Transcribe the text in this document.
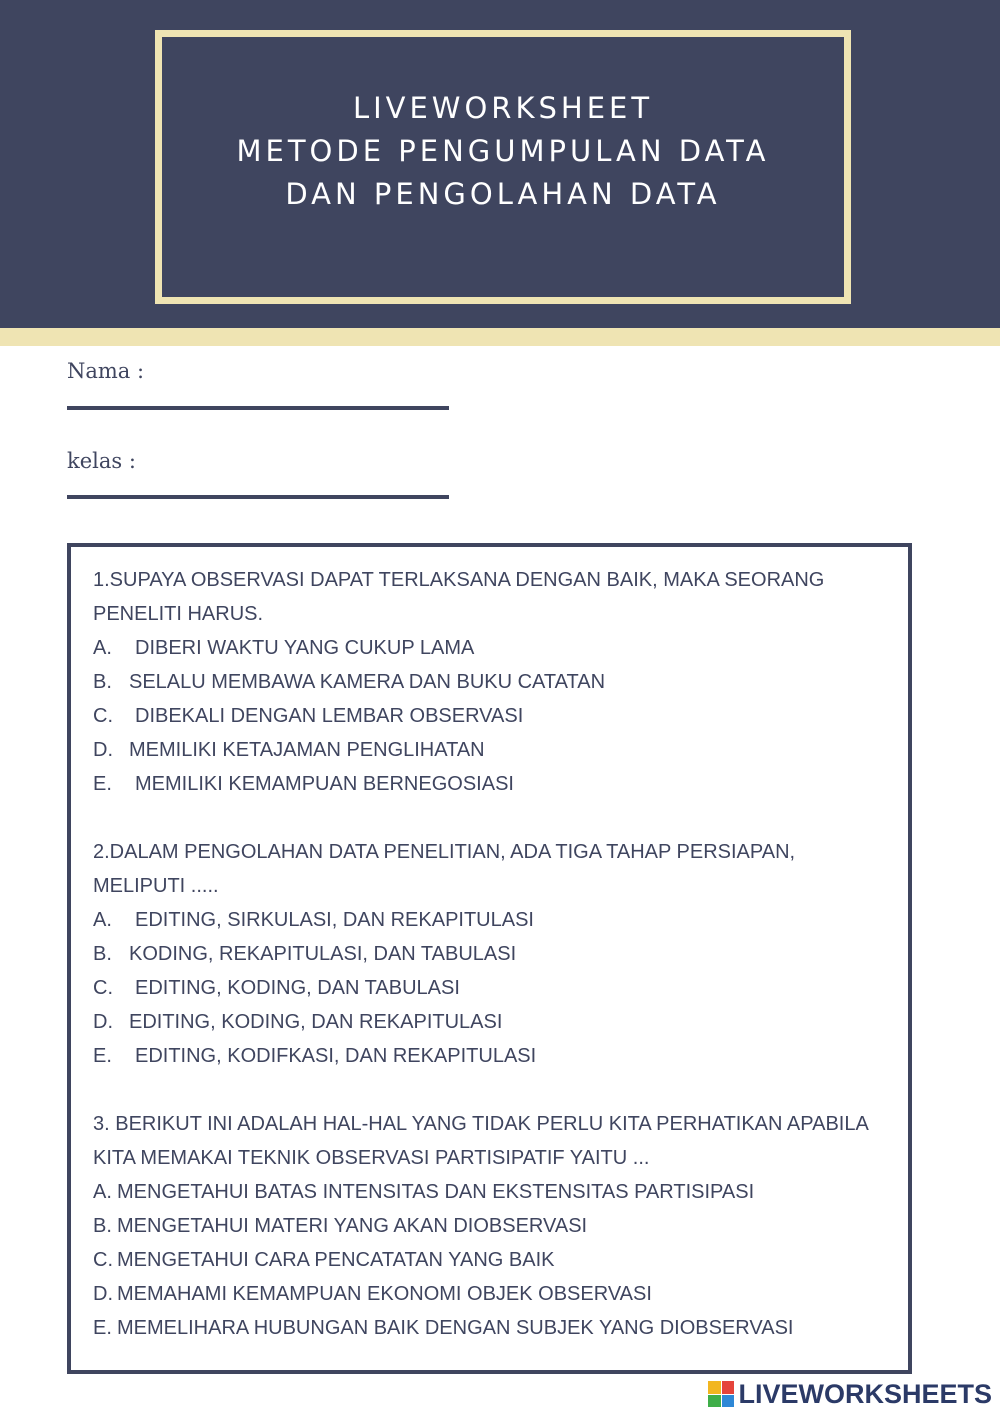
LIVEWORKSHEET
METODE PENGUMPULAN DATA
DAN PENGOLAHAN DATA
Nama :
kelas :
1.SUPAYA OBSERVASI DAPAT TERLAKSANA DENGAN BAIK, MAKA SEORANG PENELITI HARUS.
A. DIBERI WAKTU YANG CUKUP LAMA
B. SELALU MEMBAWA KAMERA DAN BUKU CATATAN
C. DIBEKALI DENGAN LEMBAR OBSERVASI
D. MEMILIKI KETAJAMAN PENGLIHATAN
E. MEMILIKI KEMAMPUAN BERNEGOSIASI
2.DALAM PENGOLAHAN DATA PENELITIAN, ADA TIGA TAHAP PERSIAPAN, MELIPUTI .....
A. EDITING, SIRKULASI, DAN REKAPITULASI
B. KODING, REKAPITULASI, DAN TABULASI
C. EDITING, KODING, DAN TABULASI
D. EDITING, KODING, DAN REKAPITULASI
E. EDITING, KODIFKASI, DAN REKAPITULASI
3. BERIKUT INI ADALAH HAL-HAL YANG TIDAK PERLU KITA PERHATIKAN APABILA KITA MEMAKAI TEKNIK OBSERVASI PARTISIPATIF YAITU ...
A. MENGETAHUI BATAS INTENSITAS DAN EKSTENSITAS PARTISIPASI
B. MENGETAHUI MATERI YANG AKAN DIOBSERVASI
C. MENGETAHUI CARA PENCATATAN YANG BAIK
D. MEMAHAMI KEMAMPUAN EKONOMI OBJEK OBSERVASI
E. MEMELIHARA HUBUNGAN BAIK DENGAN SUBJEK YANG DIOBSERVASI
LIVEWORKSHEETS
